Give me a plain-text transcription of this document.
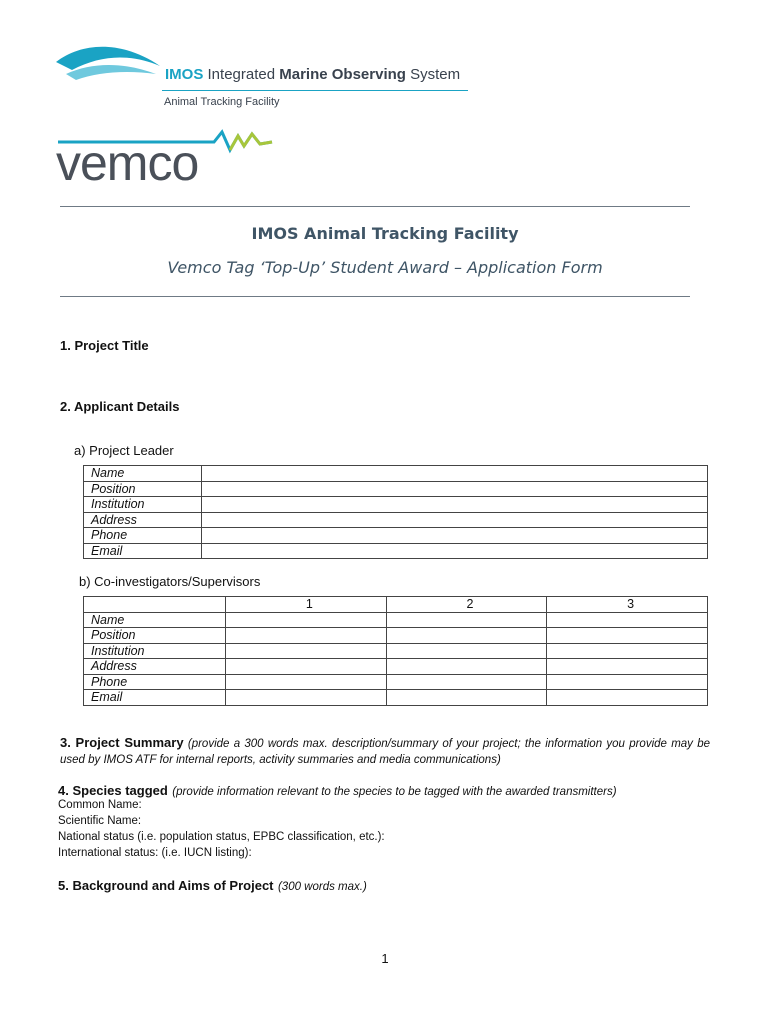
IMOS Integrated Marine Observing System
Animal Tracking Facility
vemco
IMOS Animal Tracking Facility
Vemco Tag ‘Top-Up’ Student Award – Application Form
1. Project Title
2. Applicant Details
a) Project Leader
Name	
Position	
Institution	
Address	
Phone	
Email	
b) Co-investigators/Supervisors
	1	2	3
Name			
Position			
Institution			
Address			
Phone			
Email			
3. Project Summary (provide a 300 words max. description/summary of your project; the information you provide may be used by IMOS ATF for internal reports, activity summaries and media communications)
4. Species tagged (provide information relevant to the species to be tagged with the awarded transmitters)
Common Name:
Scientific Name:
National status (i.e. population status, EPBC classification, etc.):
International status: (i.e. IUCN listing):
5. Background and Aims of Project (300 words max.)
1
